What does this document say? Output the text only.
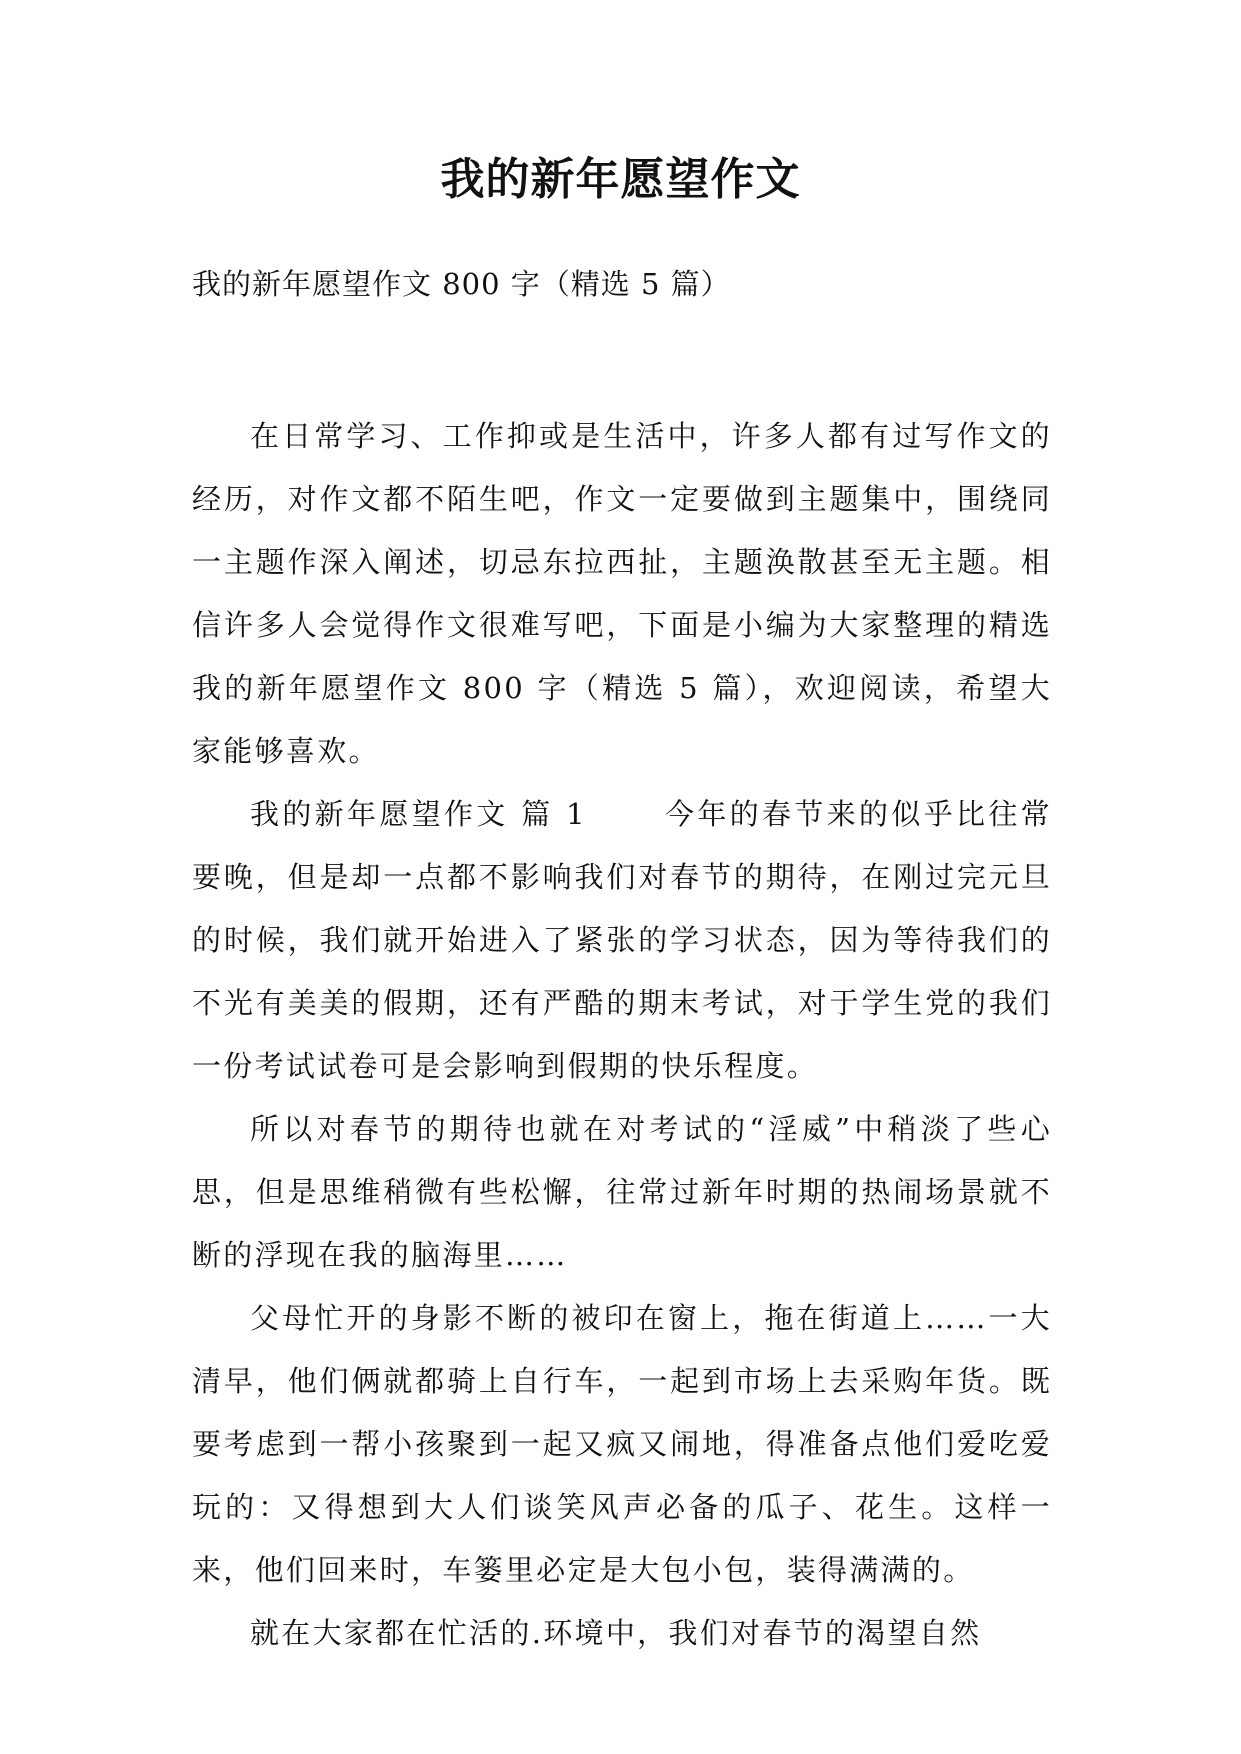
我的新年愿望作文

我的新年愿望作文 800 字（精选 5 篇）

在日常学习、工作抑或是生活中，许多人都有过写作文的经历，对作文都不陌生吧，作文一定要做到主题集中，围绕同一主题作深入阐述，切忌东拉西扯，主题涣散甚至无主题。相信许多人会觉得作文很难写吧，下面是小编为大家整理的精选我的新年愿望作文 800 字（精选 5 篇），欢迎阅读，希望大家能够喜欢。

我的新年愿望作文 篇 1　　 今年的春节来的似乎比往常要晚，但是却一点都不影响我们对春节的期待，在刚过完元旦的时候，我们就开始进入了紧张的学习状态，因为等待我们的不光有美美的假期，还有严酷的期末考试，对于学生党的我们一份考试试卷可是会影响到假期的快乐程度。

所以对春节的期待也就在对考试的“淫威”中稍淡了些心思，但是思维稍微有些松懈，往常过新年时期的热闹场景就不断的浮现在我的脑海里……

父母忙开的身影不断的被印在窗上，拖在街道上……一大清早，他们俩就都骑上自行车，一起到市场上去采购年货。既要考虑到一帮小孩聚到一起又疯又闹地，得准备点他们爱吃爱玩的：又得想到大人们谈笑风声必备的瓜子、花生。这样一来，他们回来时，车篓里必定是大包小包，装得满满的。

就在大家都在忙活的.环境中，我们对春节的渴望自然
